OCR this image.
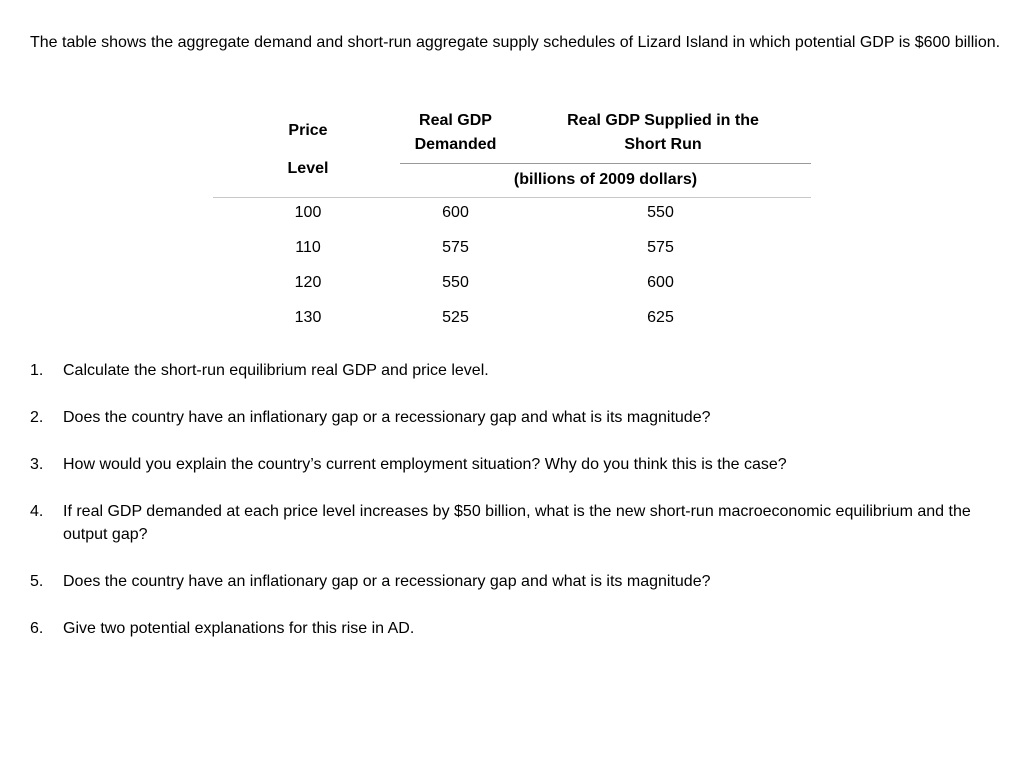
The table shows the aggregate demand and short-run aggregate supply schedules of Lizard Island in which potential GDP is $600 billion.

Price
Level
Real GDP Demanded
Real GDP Supplied in the Short Run
(billions of 2009 dollars)
100	600	550
110	575	575
120	550	600
130	525	625
1. Calculate the short-run equilibrium real GDP and price level.
2. Does the country have an inflationary gap or a recessionary gap and what is its magnitude?
3. How would you explain the country’s current employment situation? Why do you think this is the case?
4. If real GDP demanded at each price level increases by $50 billion, what is the new short-run macroeconomic equilibrium and the output gap?
5. Does the country have an inflationary gap or a recessionary gap and what is its magnitude?
6. Give two potential explanations for this rise in AD.
